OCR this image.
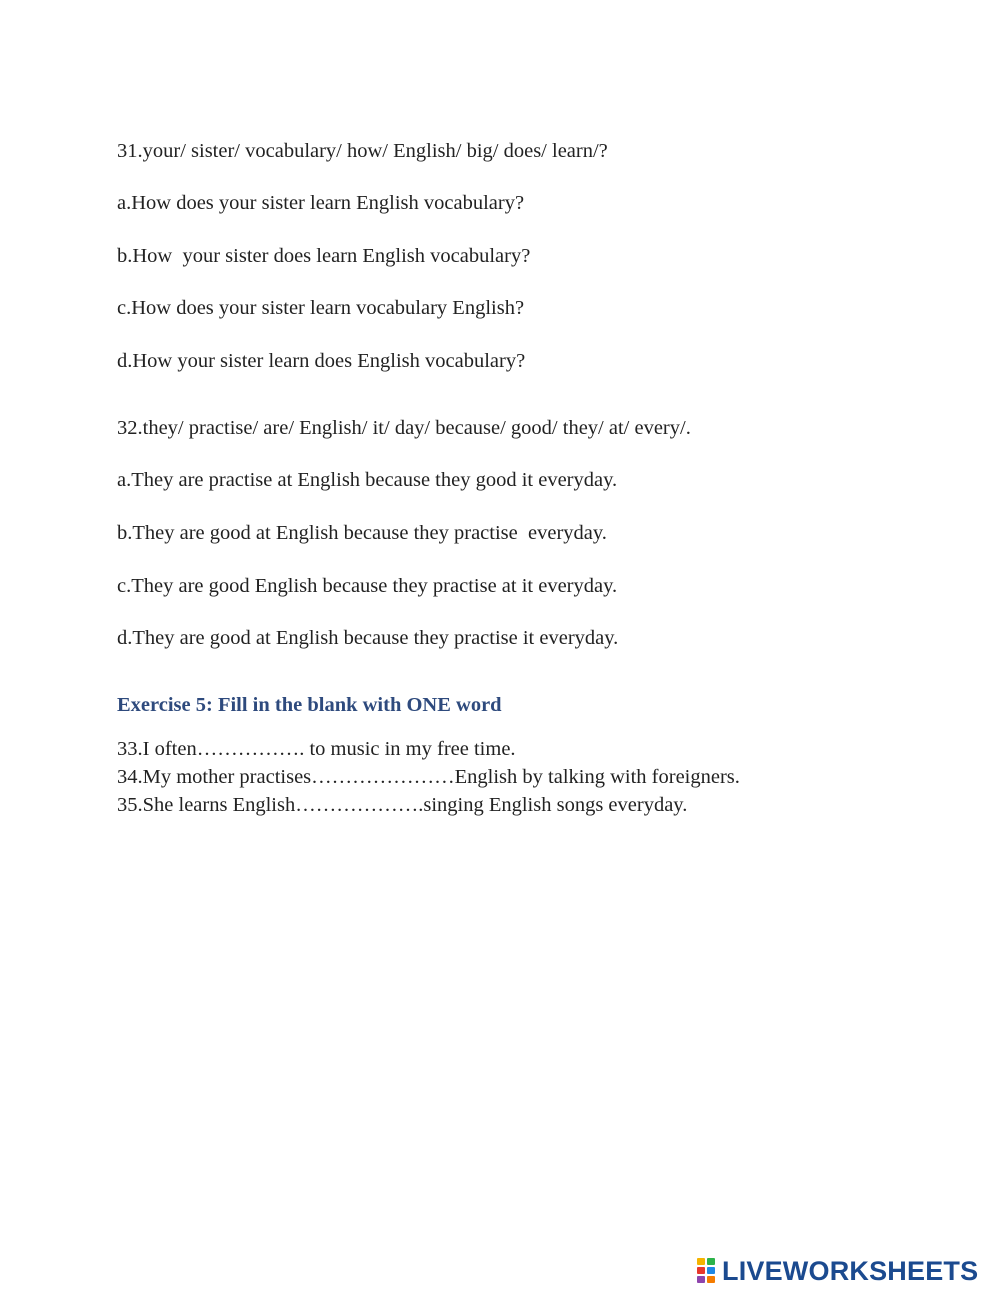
31.your/ sister/ vocabulary/ how/ English/ big/ does/ learn/?
a.How does your sister learn English vocabulary?
b.How  your sister does learn English vocabulary?
c.How does your sister learn vocabulary English?
d.How your sister learn does English vocabulary?
32.they/ practise/ are/ English/ it/ day/ because/ good/ they/ at/ every/.
a.They are practise at English because they good it everyday.
b.They are good at English because they practise  everyday.
c.They are good English because they practise at it everyday.
d.They are good at English because they practise it everyday.
Exercise 5: Fill in the blank with ONE word
33.I often……………. to music in my free time.
34.My mother practises…………………English by talking with foreigners.
35.She learns English……………….singing English songs everyday.
LIVEWORKSHEETS
